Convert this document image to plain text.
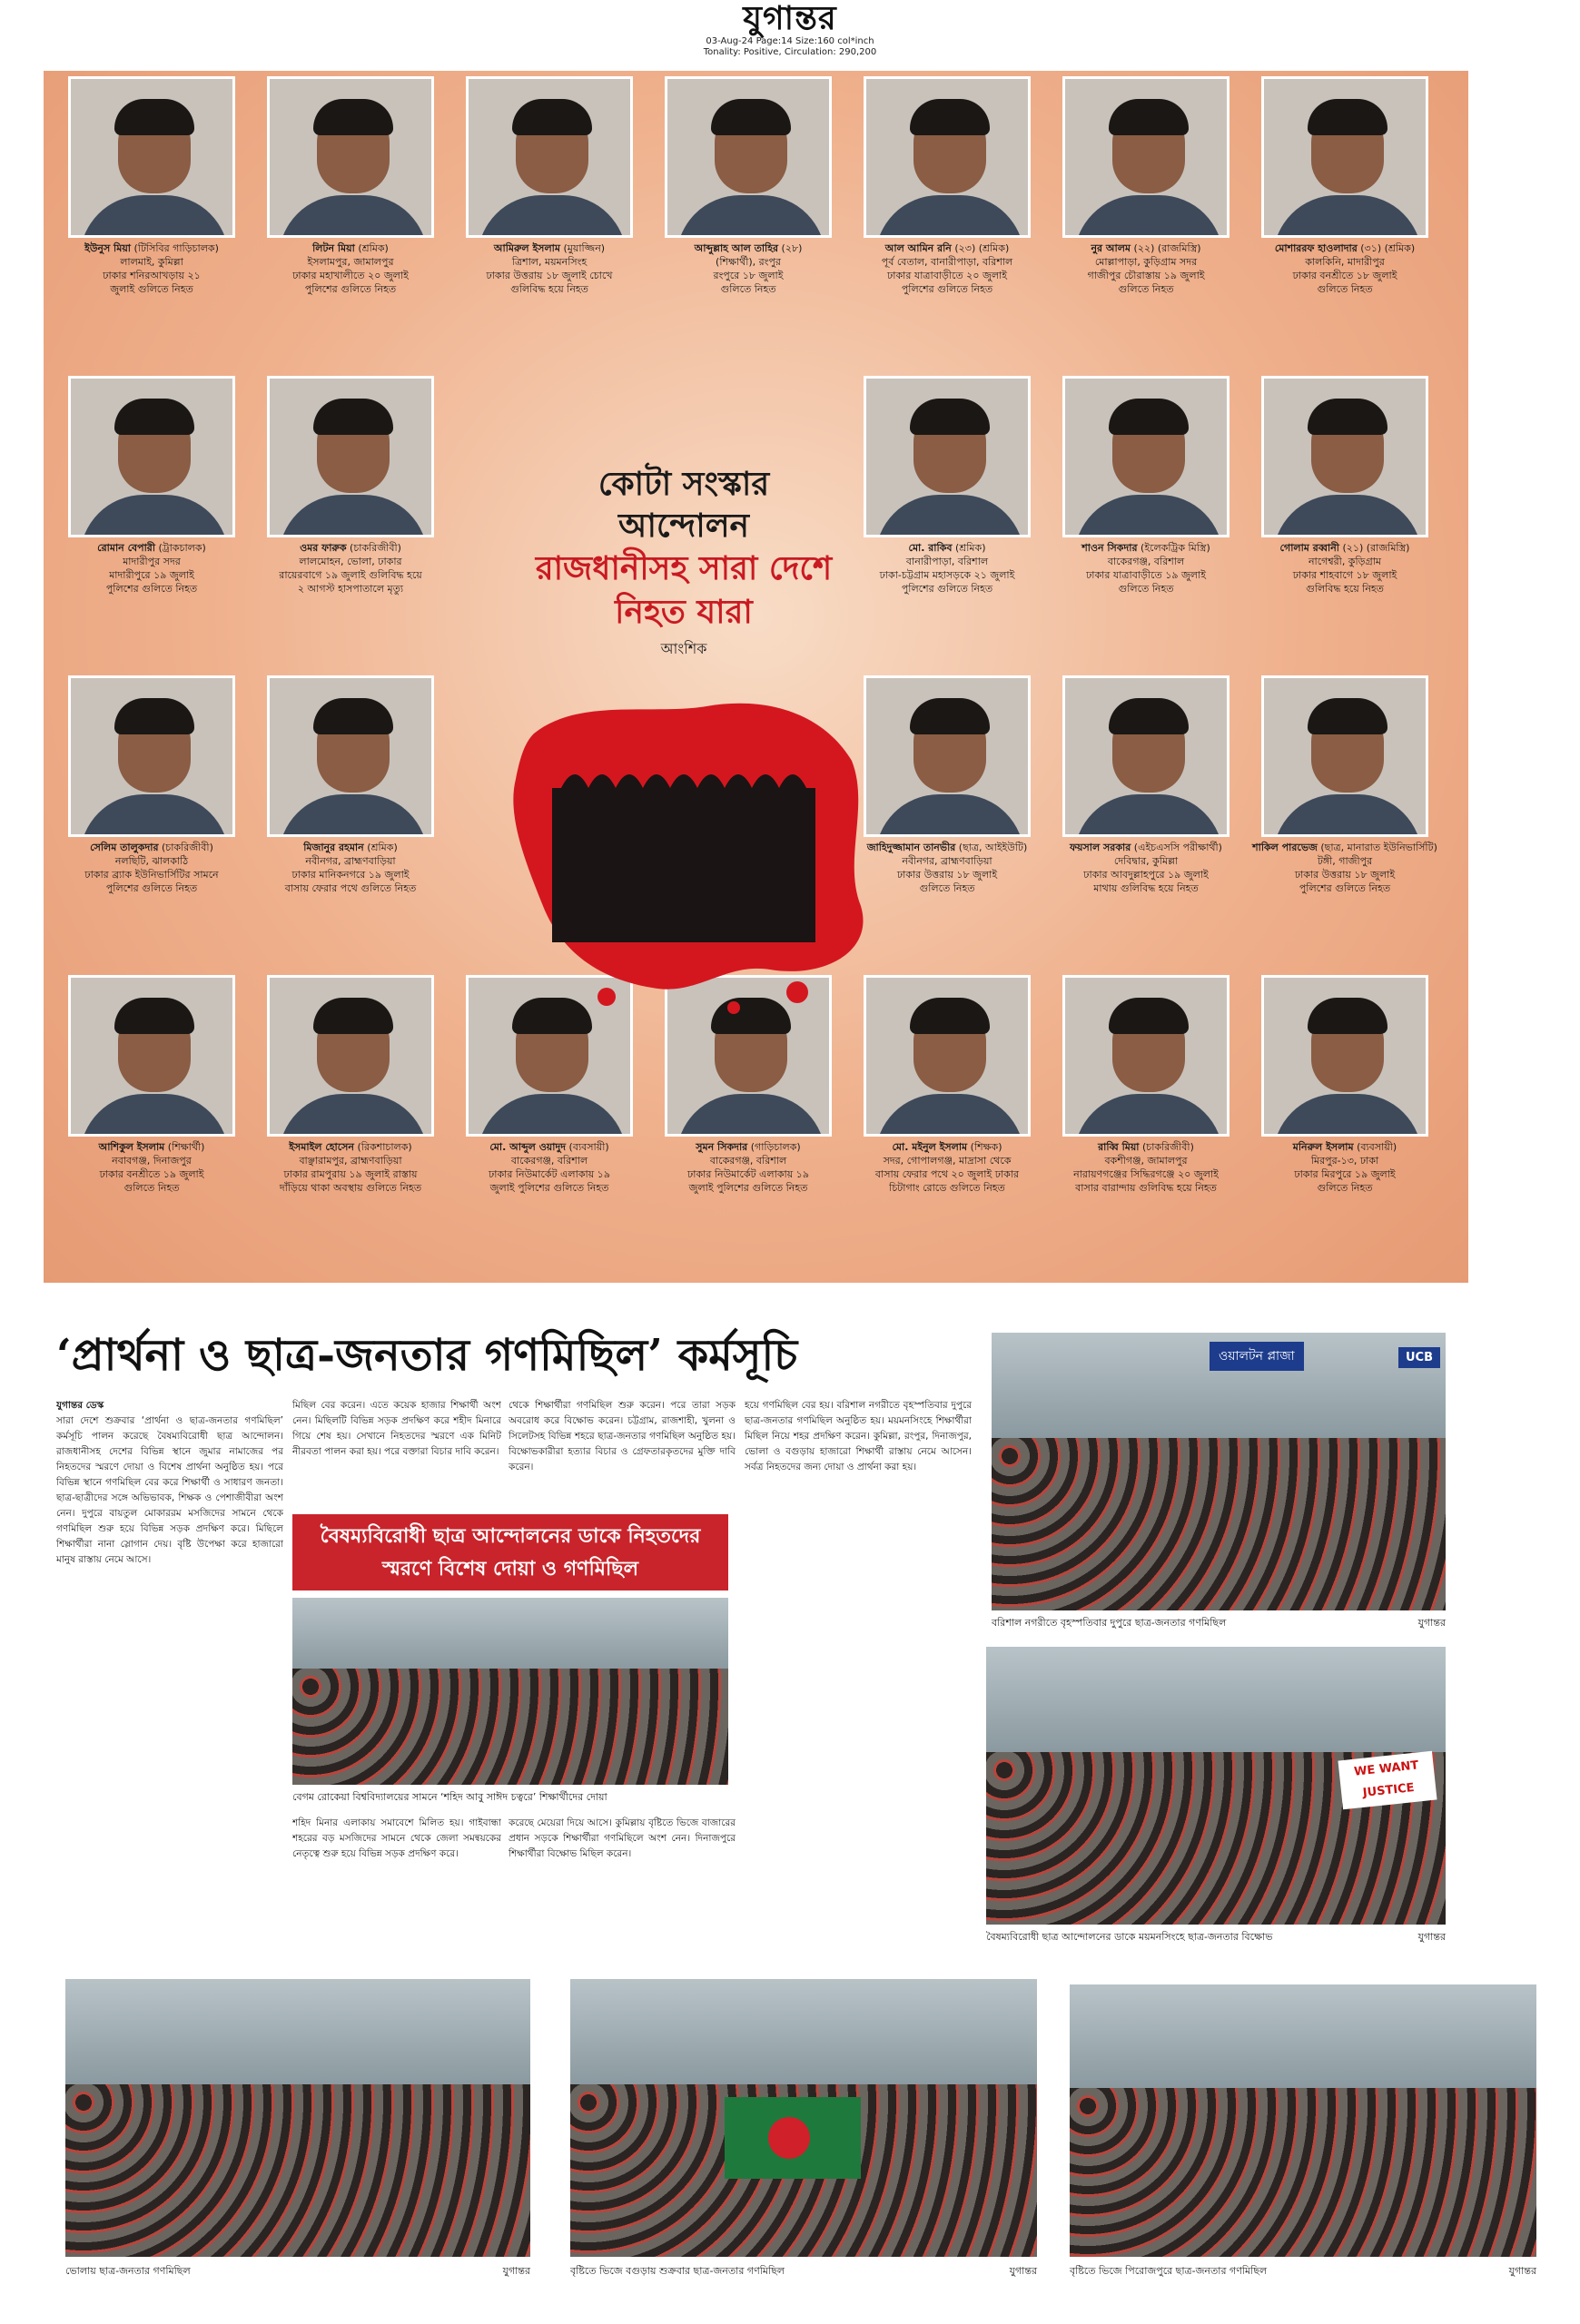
যুগান্তর
03-Aug-24 Page:14 Size:160 col*inch
Tonality: Positive, Circulation: 290,200
ইউনুস মিয়া (টিসিবির গাড়িচালক)
লালমাই, কুমিল্লা
ঢাকার শনিরআখড়ায় ২১
জুলাই গুলিতে নিহত
লিটন মিয়া (শ্রমিক)
ইসলামপুর, জামালপুর
ঢাকার মহাখালীতে ২০ জুলাই
পুলিশের গুলিতে নিহত
আমিরুল ইসলাম (মুয়াজ্জিন)
ত্রিশাল, ময়মনসিংহ
ঢাকার উত্তরায় ১৮ জুলাই চোখে
গুলিবিদ্ধ হয়ে নিহত
আব্দুল্লাহ আল তাহির (২৮)
(শিক্ষার্থী), রংপুর
রংপুরে ১৮ জুলাই
গুলিতে নিহত
আল আমিন রনি (২৩) (শ্রমিক)
পূর্ব বেতাল, বানারীপাড়া, বরিশাল
ঢাকার যাত্রাবাড়ীতে ২০ জুলাই
পুলিশের গুলিতে নিহত
নুর আলম (২২) (রাজমিস্ত্রি)
মোল্লাপাড়া, কুড়িগ্রাম সদর
গাজীপুর চৌরাস্তায় ১৯ জুলাই
গুলিতে নিহত
মোশাররফ হাওলাদার (৩১) (শ্রমিক)
কালকিনি, মাদারীপুর
ঢাকার বনশ্রীতে ১৮ জুলাই
গুলিতে নিহত
রোমান বেপারী (ট্রাকচালক)
মাদারীপুর সদর
মাদারীপুরে ১৯ জুলাই
পুলিশের গুলিতে নিহত
ওমর ফারুক (চাকরিজীবী)
লালমোহন, ভোলা, ঢাকার
রায়েরবাগে ১৯ জুলাই গুলিবিদ্ধ হয়ে
২ আগস্ট হাসপাতালে মৃত্যু
মো. রাকিব (শ্রমিক)
বানারীপাড়া, বরিশাল
ঢাকা-চট্টগ্রাম মহাসড়কে ২১ জুলাই
পুলিশের গুলিতে নিহত
শাওন সিকদার (ইলেকট্রিক মিস্ত্রি)
বাকেরগঞ্জ, বরিশাল
ঢাকার যাত্রাবাড়ীতে ১৯ জুলাই
গুলিতে নিহত
গোলাম রব্বানী (২১) (রাজমিস্ত্রি)
নাগেশ্বরী, কুড়িগ্রাম
ঢাকার শাহবাগে ১৮ জুলাই
গুলিবিদ্ধ হয়ে নিহত
সেলিম তালুকদার (চাকরিজীবী)
নলছিটি, ঝালকাঠি
ঢাকার ব্র্যাক ইউনিভার্সিটির সামনে
পুলিশের গুলিতে নিহত
মিজানুর রহমান (শ্রমিক)
নবীনগর, ব্রাহ্মণবাড়িয়া
ঢাকার মানিকনগরে ১৯ জুলাই
বাসায় ফেরার পথে গুলিতে নিহত
জাহিদুজ্জামান তানভীর (ছাত্র, আইইউটি)
নবীনগর, ব্রাহ্মণবাড়িয়া
ঢাকার উত্তরায় ১৮ জুলাই
গুলিতে নিহত
ফয়সাল সরকার (এইচএসসি পরীক্ষার্থী)
দেবিদ্বার, কুমিল্লা
ঢাকার আবদুল্লাহপুরে ১৯ জুলাই
মাথায় গুলিবিদ্ধ হয়ে নিহত
শাকিল পারভেজ (ছাত্র, মানারাত ইউনিভার্সিটি)
টঙ্গী, গাজীপুর
ঢাকার উত্তরায় ১৮ জুলাই
পুলিশের গুলিতে নিহত
আশিকুল ইসলাম (শিক্ষার্থী)
নবাবগঞ্জ, দিনাজপুর
ঢাকার বনশ্রীতে ১৯ জুলাই
গুলিতে নিহত
ইসমাইল হোসেন (রিকশাচালক)
বাঞ্ছারামপুর, ব্রাহ্মণবাড়িয়া
ঢাকার রামপুরায় ১৯ জুলাই রাস্তায়
দাঁড়িয়ে থাকা অবস্থায় গুলিতে নিহত
মো. আব্দুল ওয়াদুদ (ব্যবসায়ী)
বাকেরগঞ্জ, বরিশাল
ঢাকার নিউমার্কেট এলাকায় ১৯
জুলাই পুলিশের গুলিতে নিহত
সুমন সিকদার (গাড়িচালক)
বাকেরগঞ্জ, বরিশাল
ঢাকার নিউমার্কেট এলাকায় ১৯
জুলাই পুলিশের গুলিতে নিহত
মো. মইনুল ইসলাম (শিক্ষক)
সদর, গোপালগঞ্জ, মাদ্রাসা থেকে
বাসায় ফেরার পথে ২০ জুলাই ঢাকার
চিটাগাং রোডে গুলিতে নিহত
রাব্বি মিয়া (চাকরিজীবী)
বকশীগঞ্জ, জামালপুর
নারায়ণগঞ্জের সিদ্ধিরগঞ্জে ২০ জুলাই
বাসার বারান্দায় গুলিবিদ্ধ হয়ে নিহত
মনিরুল ইসলাম (ব্যবসায়ী)
মিরপুর-১৩, ঢাকা
ঢাকার মিরপুরে ১৯ জুলাই
গুলিতে নিহত
কোটা সংস্কার
আন্দোলন
রাজধানীসহ সারা দেশে
নিহত যারা
আংশিক
‘প্রার্থনা ও ছাত্র-জনতার গণমিছিল’ কর্মসূচি
যুগান্তর ডেস্ক
সারা দেশে শুক্রবার ‘প্রার্থনা ও ছাত্র-জনতার গণমিছিল’ কর্মসূচি পালন করেছে বৈষম্যবিরোধী ছাত্র আন্দোলন। রাজধানীসহ দেশের বিভিন্ন স্থানে জুমার নামাজের পর নিহতদের স্মরণে দোয়া ও বিশেষ প্রার্থনা অনুষ্ঠিত হয়। পরে বিভিন্ন স্থানে গণমিছিল বের করে শিক্ষার্থী ও সাধারণ জনতা। ছাত্র-ছাত্রীদের সঙ্গে অভিভাবক, শিক্ষক ও পেশাজীবীরা অংশ নেন। দুপুরে বায়তুল মোকাররম মসজিদের সামনে থেকে গণমিছিল শুরু হয়ে বিভিন্ন সড়ক প্রদক্ষিণ করে। মিছিলে শিক্ষার্থীরা নানা স্লোগান দেয়। বৃষ্টি উপেক্ষা করে হাজারো মানুষ রাস্তায় নেমে আসে।
মিছিল বের করেন। এতে কয়েক হাজার শিক্ষার্থী অংশ নেন। মিছিলটি বিভিন্ন সড়ক প্রদক্ষিণ করে শহীদ মিনারে গিয়ে শেষ হয়। সেখানে নিহতদের স্মরণে এক মিনিট নীরবতা পালন করা হয়। পরে বক্তারা বিচার দাবি করেন।
থেকে শিক্ষার্থীরা গণমিছিল শুরু করেন। পরে তারা সড়ক অবরোধ করে বিক্ষোভ করেন। চট্টগ্রাম, রাজশাহী, খুলনা ও সিলেটসহ বিভিন্ন শহরে ছাত্র-জনতার গণমিছিল অনুষ্ঠিত হয়। বিক্ষোভকারীরা হত্যার বিচার ও গ্রেফতারকৃতদের মুক্তি দাবি করেন।
হয়ে গণমিছিল বের হয়। বরিশাল নগরীতে বৃহস্পতিবার দুপুরে ছাত্র-জনতার গণমিছিল অনুষ্ঠিত হয়। ময়মনসিংহে শিক্ষার্থীরা মিছিল নিয়ে শহর প্রদক্ষিণ করেন। কুমিল্লা, রংপুর, দিনাজপুর, ভোলা ও বগুড়ায় হাজারো শিক্ষার্থী রাস্তায় নেমে আসেন। সর্বত্র নিহতদের জন্য দোয়া ও প্রার্থনা করা হয়।
বৈষম্যবিরোধী ছাত্র আন্দোলনের ডাকে নিহতদের স্মরণে বিশেষ দোয়া ও গণমিছিল
বেগম রোকেয়া বিশ্ববিদ্যালয়ের সামনে ‘শহিদ আবু সাঈদ চত্বরে’ শিক্ষার্থীদের দোয়া
শহিদ মিনার এলাকায় সমাবেশে মিলিত হয়। গাইবান্ধা শহরের বড় মসজিদের সামনে থেকে জেলা সমন্বয়কের নেতৃত্বে শুরু হয়ে বিভিন্ন সড়ক প্রদক্ষিণ করে।
করেছে মেয়েরা দিয়ে আসে। কুমিল্লায় বৃষ্টিতে ভিজে বাজারের প্রধান সড়কে শিক্ষার্থীরা গণমিছিলে অংশ নেন। দিনাজপুরে শিক্ষার্থীরা বিক্ষোভ মিছিল করেন।
ওয়ালটন প্লাজা	UCB
বরিশাল নগরীতে বৃহস্পতিবার দুপুরে ছাত্র-জনতার গণমিছিল	যুগান্তর
WE WANT JUSTICE
বৈষম্যবিরোধী ছাত্র আন্দোলনের ডাকে ময়মনসিংহে ছাত্র-জনতার বিক্ষোভ	যুগান্তর
ভোলায় ছাত্র-জনতার গণমিছিল	যুগান্তর	বৃষ্টিতে ভিজে বগুড়ায় শুক্রবার ছাত্র-জনতার গণমিছিল	যুগান্তর	বৃষ্টিতে ভিজে পিরোজপুরে ছাত্র-জনতার গণমিছিল	যুগান্তর
